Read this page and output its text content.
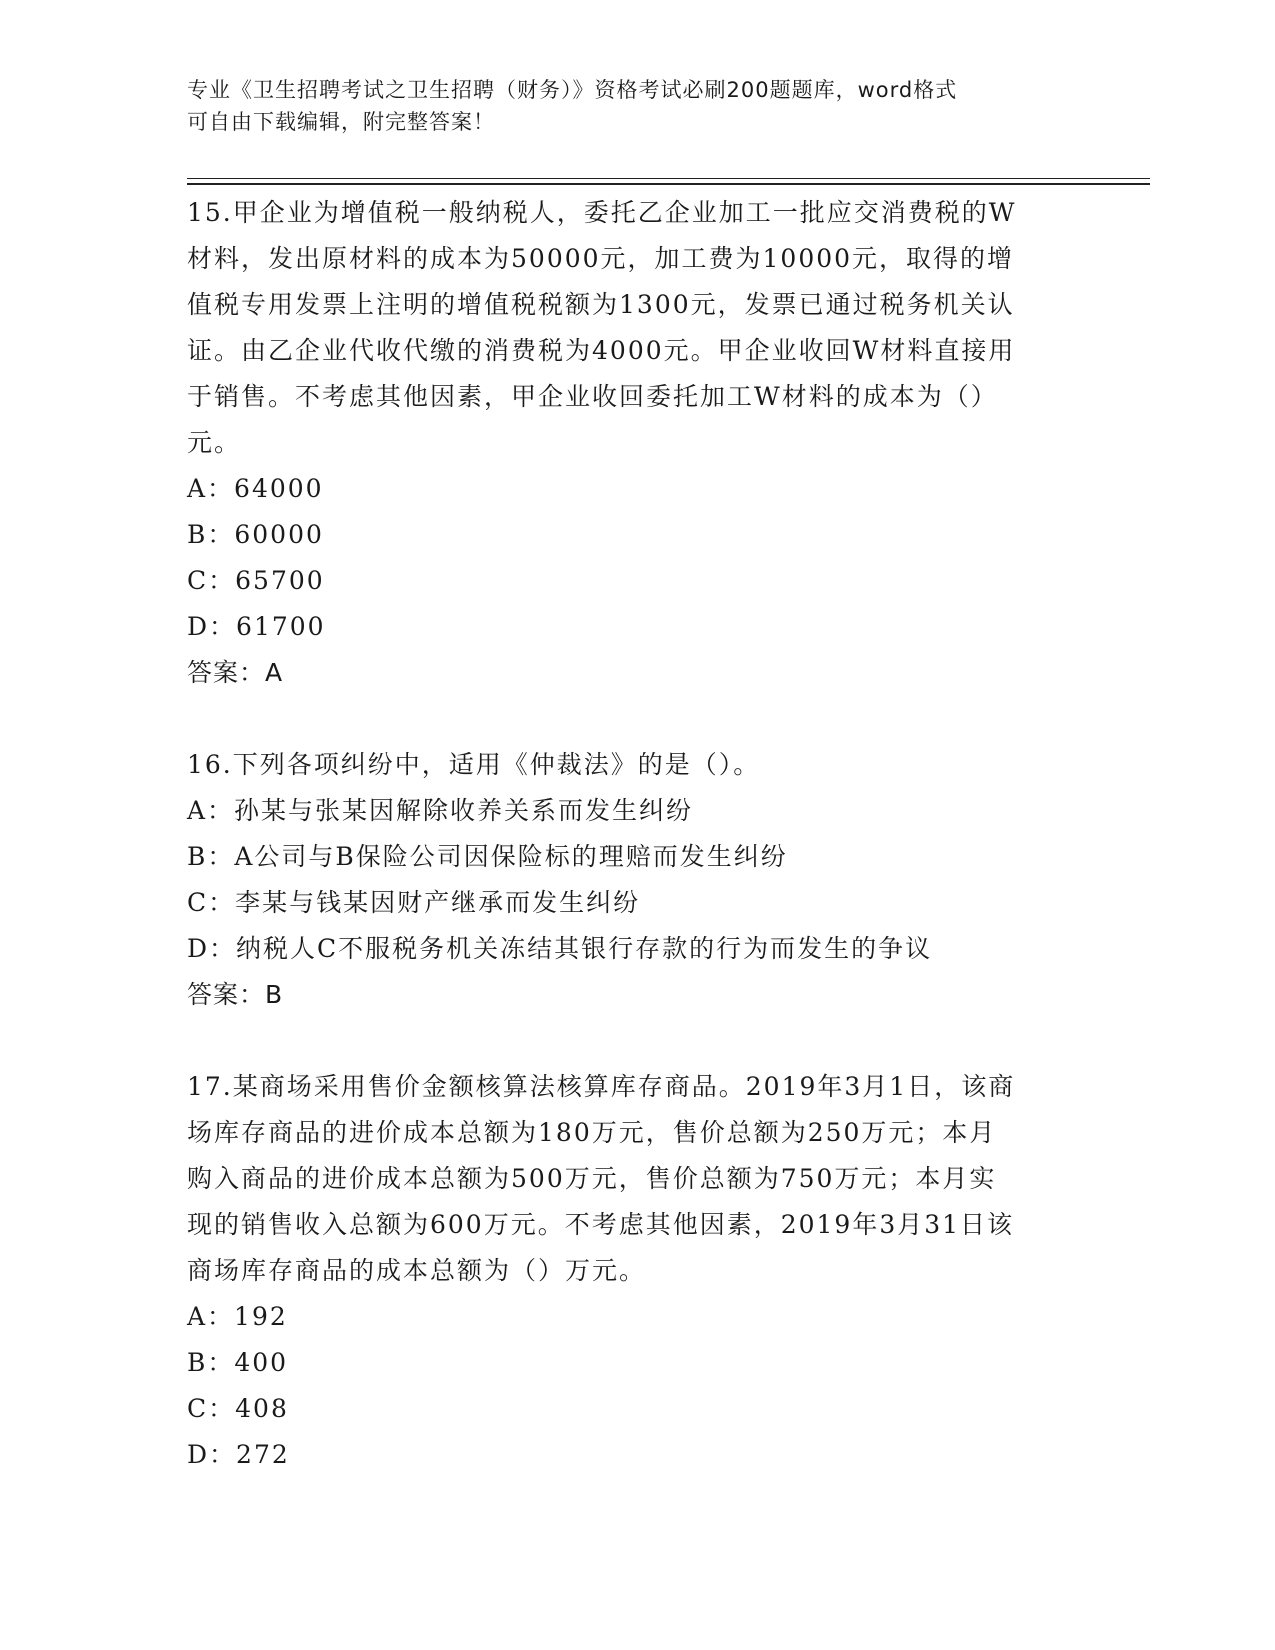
专业《卫生招聘考试之卫生招聘（财务）》资格考试必刷200题题库，word格式
可自由下载编辑，附完整答案！
15.甲企业为增值税一般纳税人，委托乙企业加工一批应交消费税的W
材料，发出原材料的成本为50000元，加工费为10000元，取得的增
值税专用发票上注明的增值税税额为1300元，发票已通过税务机关认
证。由乙企业代收代缴的消费税为4000元。甲企业收回W材料直接用
于销售。不考虑其他因素，甲企业收回委托加工W材料的成本为（）
元。
A：64000
B：60000
C：65700
D：61700
答案：A
16.下列各项纠纷中，适用《仲裁法》的是（）。
A：孙某与张某因解除收养关系而发生纠纷
B：A公司与B保险公司因保险标的理赔而发生纠纷
C：李某与钱某因财产继承而发生纠纷
D：纳税人C不服税务机关冻结其银行存款的行为而发生的争议
答案：B
17.某商场采用售价金额核算法核算库存商品。2019年3月1日，该商
场库存商品的进价成本总额为180万元，售价总额为250万元；本月
购入商品的进价成本总额为500万元，售价总额为750万元；本月实
现的销售收入总额为600万元。不考虑其他因素，2019年3月31日该
商场库存商品的成本总额为（）万元。
A：192
B：400
C：408
D：272
